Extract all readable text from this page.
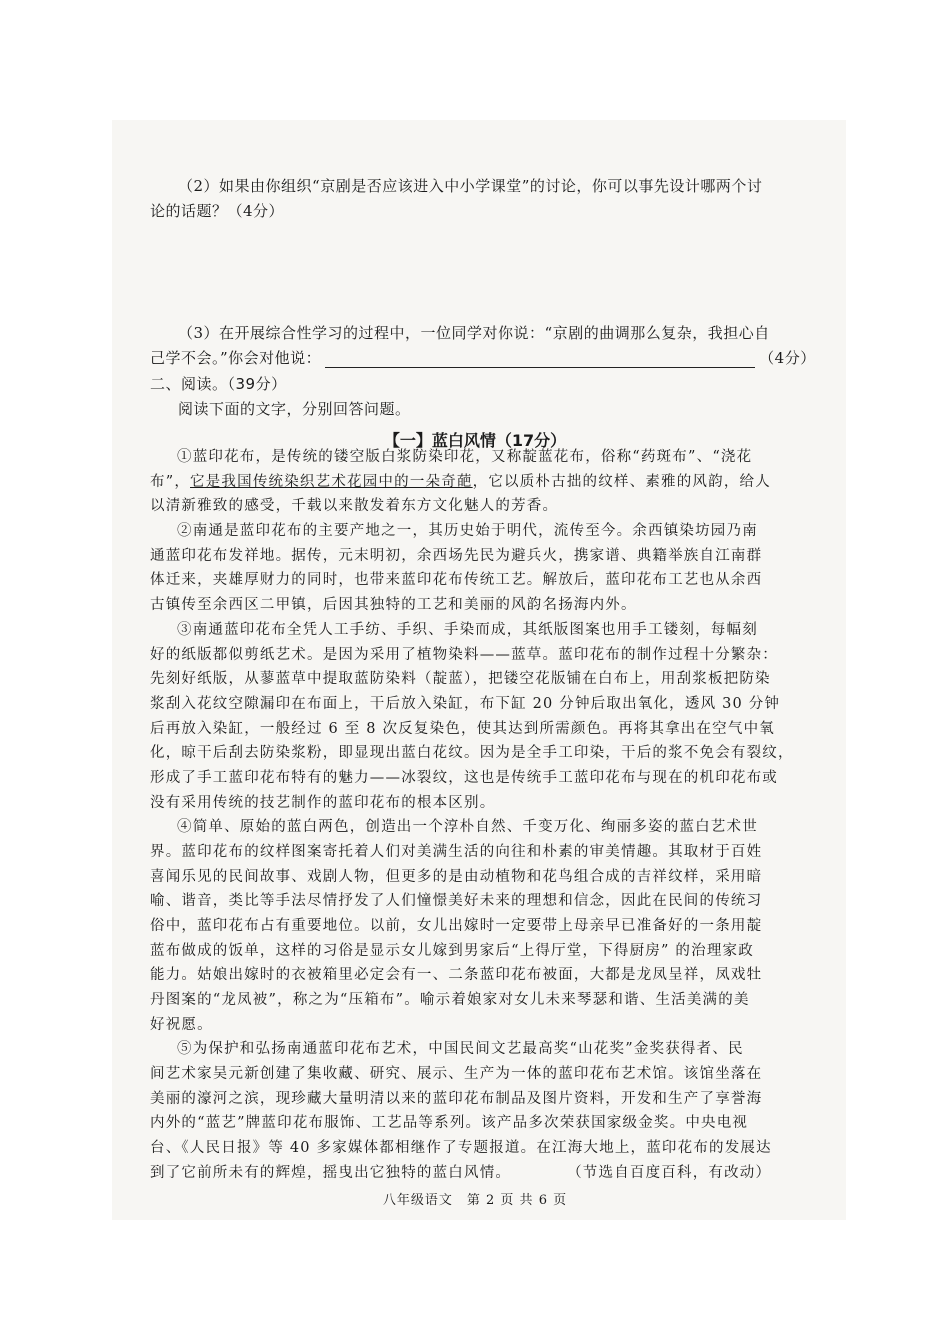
（2）如果由你组织“京剧是否应该进入中小学课堂”的讨论，你可以事先设计哪两个讨
论的话题？（4分）
（3）在开展综合性学习的过程中，一位同学对你说：“京剧的曲调那么复杂，我担心自
己学不会。”你会对他说：	（4分）
二、阅读。（39分）
阅读下面的文字，分别回答问题。
【一】蓝白风情（17分）
①蓝印花布，是传统的镂空版白浆防染印花，又称靛蓝花布，俗称“药斑布”、“浇花
布”，它是我国传统染织艺术花园中的一朵奇葩，它以质朴古拙的纹样、素雅的风韵，给人
以清新雅致的感受，千载以来散发着东方文化魅人的芳香。
②南通是蓝印花布的主要产地之一，其历史始于明代，流传至今。余西镇染坊园乃南
通蓝印花布发祥地。据传，元末明初，余西场先民为避兵火，携家谱、典籍举族自江南群
体迁来，夹雄厚财力的同时，也带来蓝印花布传统工艺。解放后，蓝印花布工艺也从余西
古镇传至余西区二甲镇，后因其独特的工艺和美丽的风韵名扬海内外。
③南通蓝印花布全凭人工手纺、手织、手染而成，其纸版图案也用手工镂刻，每幅刻
好的纸版都似剪纸艺术。是因为采用了植物染料——蓝草。蓝印花布的制作过程十分繁杂：
先刻好纸版，从蓼蓝草中提取蓝防染料（靛蓝），把镂空花版铺在白布上，用刮浆板把防染
浆刮入花纹空隙漏印在布面上，干后放入染缸，布下缸 20 分钟后取出氧化，透风 30 分钟
后再放入染缸，一般经过 6 至 8 次反复染色，使其达到所需颜色。再将其拿出在空气中氧
化，晾干后刮去防染浆粉，即显现出蓝白花纹。因为是全手工印染，干后的浆不免会有裂纹，
形成了手工蓝印花布特有的魅力——冰裂纹，这也是传统手工蓝印花布与现在的机印花布或
没有采用传统的技艺制作的蓝印花布的根本区别。
④简单、原始的蓝白两色，创造出一个淳朴自然、千变万化、绚丽多姿的蓝白艺术世
界。蓝印花布的纹样图案寄托着人们对美满生活的向往和朴素的审美情趣。其取材于百姓
喜闻乐见的民间故事、戏剧人物，但更多的是由动植物和花鸟组合成的吉祥纹样，采用暗
喻、谐音，类比等手法尽情抒发了人们憧憬美好未来的理想和信念，因此在民间的传统习
俗中，蓝印花布占有重要地位。以前，女儿出嫁时一定要带上母亲早已准备好的一条用靛
蓝布做成的饭单，这样的习俗是显示女儿嫁到男家后“上得厅堂，下得厨房” 的治理家政
能力。姑娘出嫁时的衣被箱里必定会有一、二条蓝印花布被面，大都是龙凤呈祥，凤戏牡
丹图案的“龙凤被”，称之为“压箱布”。喻示着娘家对女儿未来琴瑟和谐、生活美满的美
好祝愿。
⑤为保护和弘扬南通蓝印花布艺术，中国民间文艺最高奖“山花奖”金奖获得者、民
间艺术家吴元新创建了集收藏、研究、展示、生产为一体的蓝印花布艺术馆。该馆坐落在
美丽的濠河之滨，现珍藏大量明清以来的蓝印花布制品及图片资料，开发和生产了享誉海
内外的“蓝艺”牌蓝印花布服饰、工艺品等系列。该产品多次荣获国家级金奖。中央电视
台、《人民日报》等 40 多家媒体都相继作了专题报道。在江海大地上，蓝印花布的发展达
到了它前所未有的辉煌，摇曳出它独特的蓝白风情。	（节选自百度百科，有改动）
八年级语文　第 2 页 共 6 页
